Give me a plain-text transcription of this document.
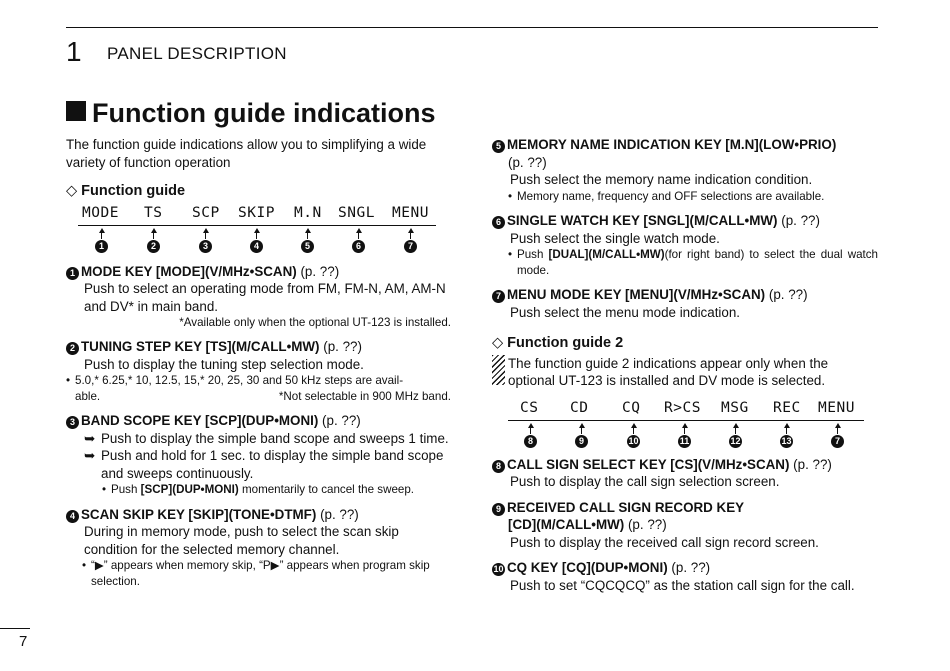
1 PANEL DESCRIPTION
Function guide indications

The function guide indications allow you to simplifying a wide variety of function operation

◇ Function guide

MODE TS SCP SKIP M.N SNGL MENU
1	2	3	4	5	6	7

1 MODE KEY [MODE](V/MHz•SCAN) (p. ??)

Push to select an operating mode from FM, FM-N, AM, AM-N and DV* in main band.

*Available only when the optional UT-123 is installed.

2 TUNING STEP KEY [TS](M/CALL•MW) (p. ??)

Push to display the tuning step selection mode.

• 5.0,* 6.25,* 10, 12.5, 15,* 20, 25, 30 and 50 kHz steps are avail-
able.	*Not selectable in 900 MHz band.

3 BAND SCOPE KEY [SCP](DUP•MONI) (p. ??)

➥ Push to display the simple band scope and sweeps 1 time.

➥ Push and hold for 1 sec. to display the simple band scope and sweeps continuously.

• Push [SCP](DUP•MONI) momentarily to cancel the sweep.

4 SCAN SKIP KEY [SKIP](TONE•DTMF) (p. ??)

During in memory mode, push to select the scan skip condition for the selected memory channel.

• “▶” appears when memory skip, “P▶” appears when program skip selection.

5 MEMORY NAME INDICATION KEY [M.N](LOW•PRIO)

(p. ??)

Push select the memory name indication condition.

• Memory name, frequency and OFF selections are available.

6 SINGLE WATCH KEY [SNGL](M/CALL•MW) (p. ??)

Push select the single watch mode.

• Push [DUAL](M/CALL•MW)(for right band) to select the dual watch mode.

7 MENU MODE KEY [MENU](V/MHz•SCAN) (p. ??)

Push select the menu mode indication.

◇ Function guide 2

The function guide 2 indications appear only when the optional UT-123 is installed and DV mode is selected.

CS CD CQ R>CS MSG REC MENU
8	9	10	11	12	13	7

8 CALL SIGN SELECT KEY [CS](V/MHz•SCAN) (p. ??)

Push to display the call sign selection screen.

9 RECEIVED CALL SIGN RECORD KEY

[CD](M/CALL•MW) (p. ??)

Push to display the received call sign record screen.

10 CQ KEY [CQ](DUP•MONI) (p. ??)

Push to set “CQCQCQ” as the station call sign for the call.

7
